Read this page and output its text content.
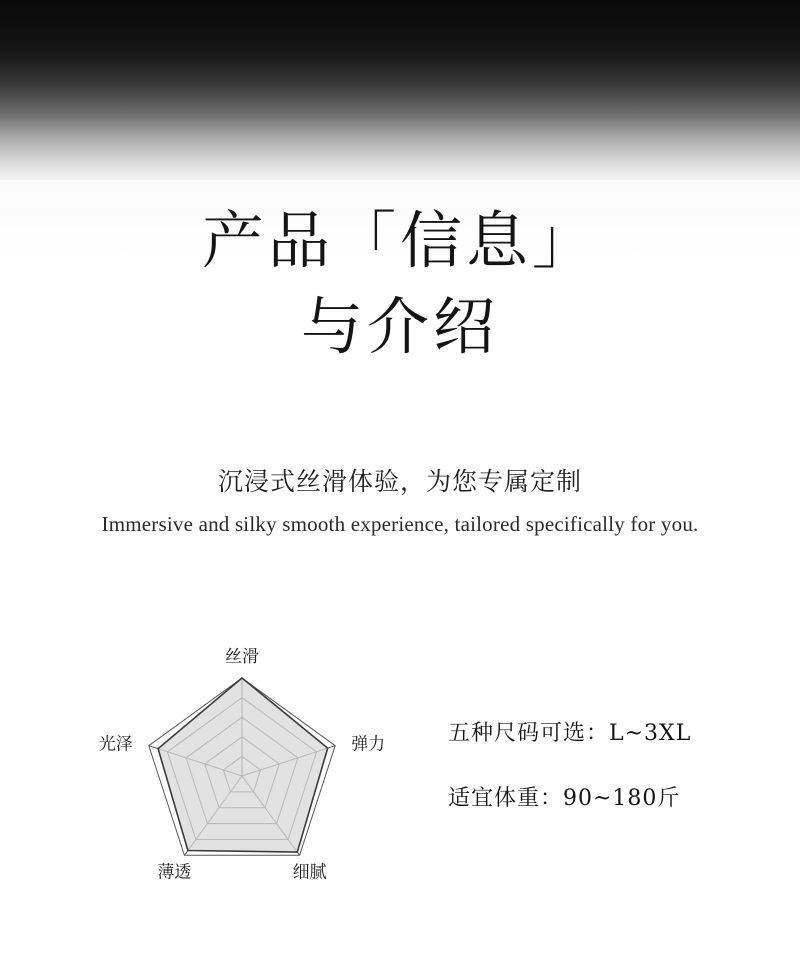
产品「信息」
与介绍
沉浸式丝滑体验，为您专属定制
Immersive and silky smooth experience, tailored specifically for you.
丝滑
弹力
细腻
薄透
光泽	五种尺码可选：L~3XL
适宜体重：90~180斤
